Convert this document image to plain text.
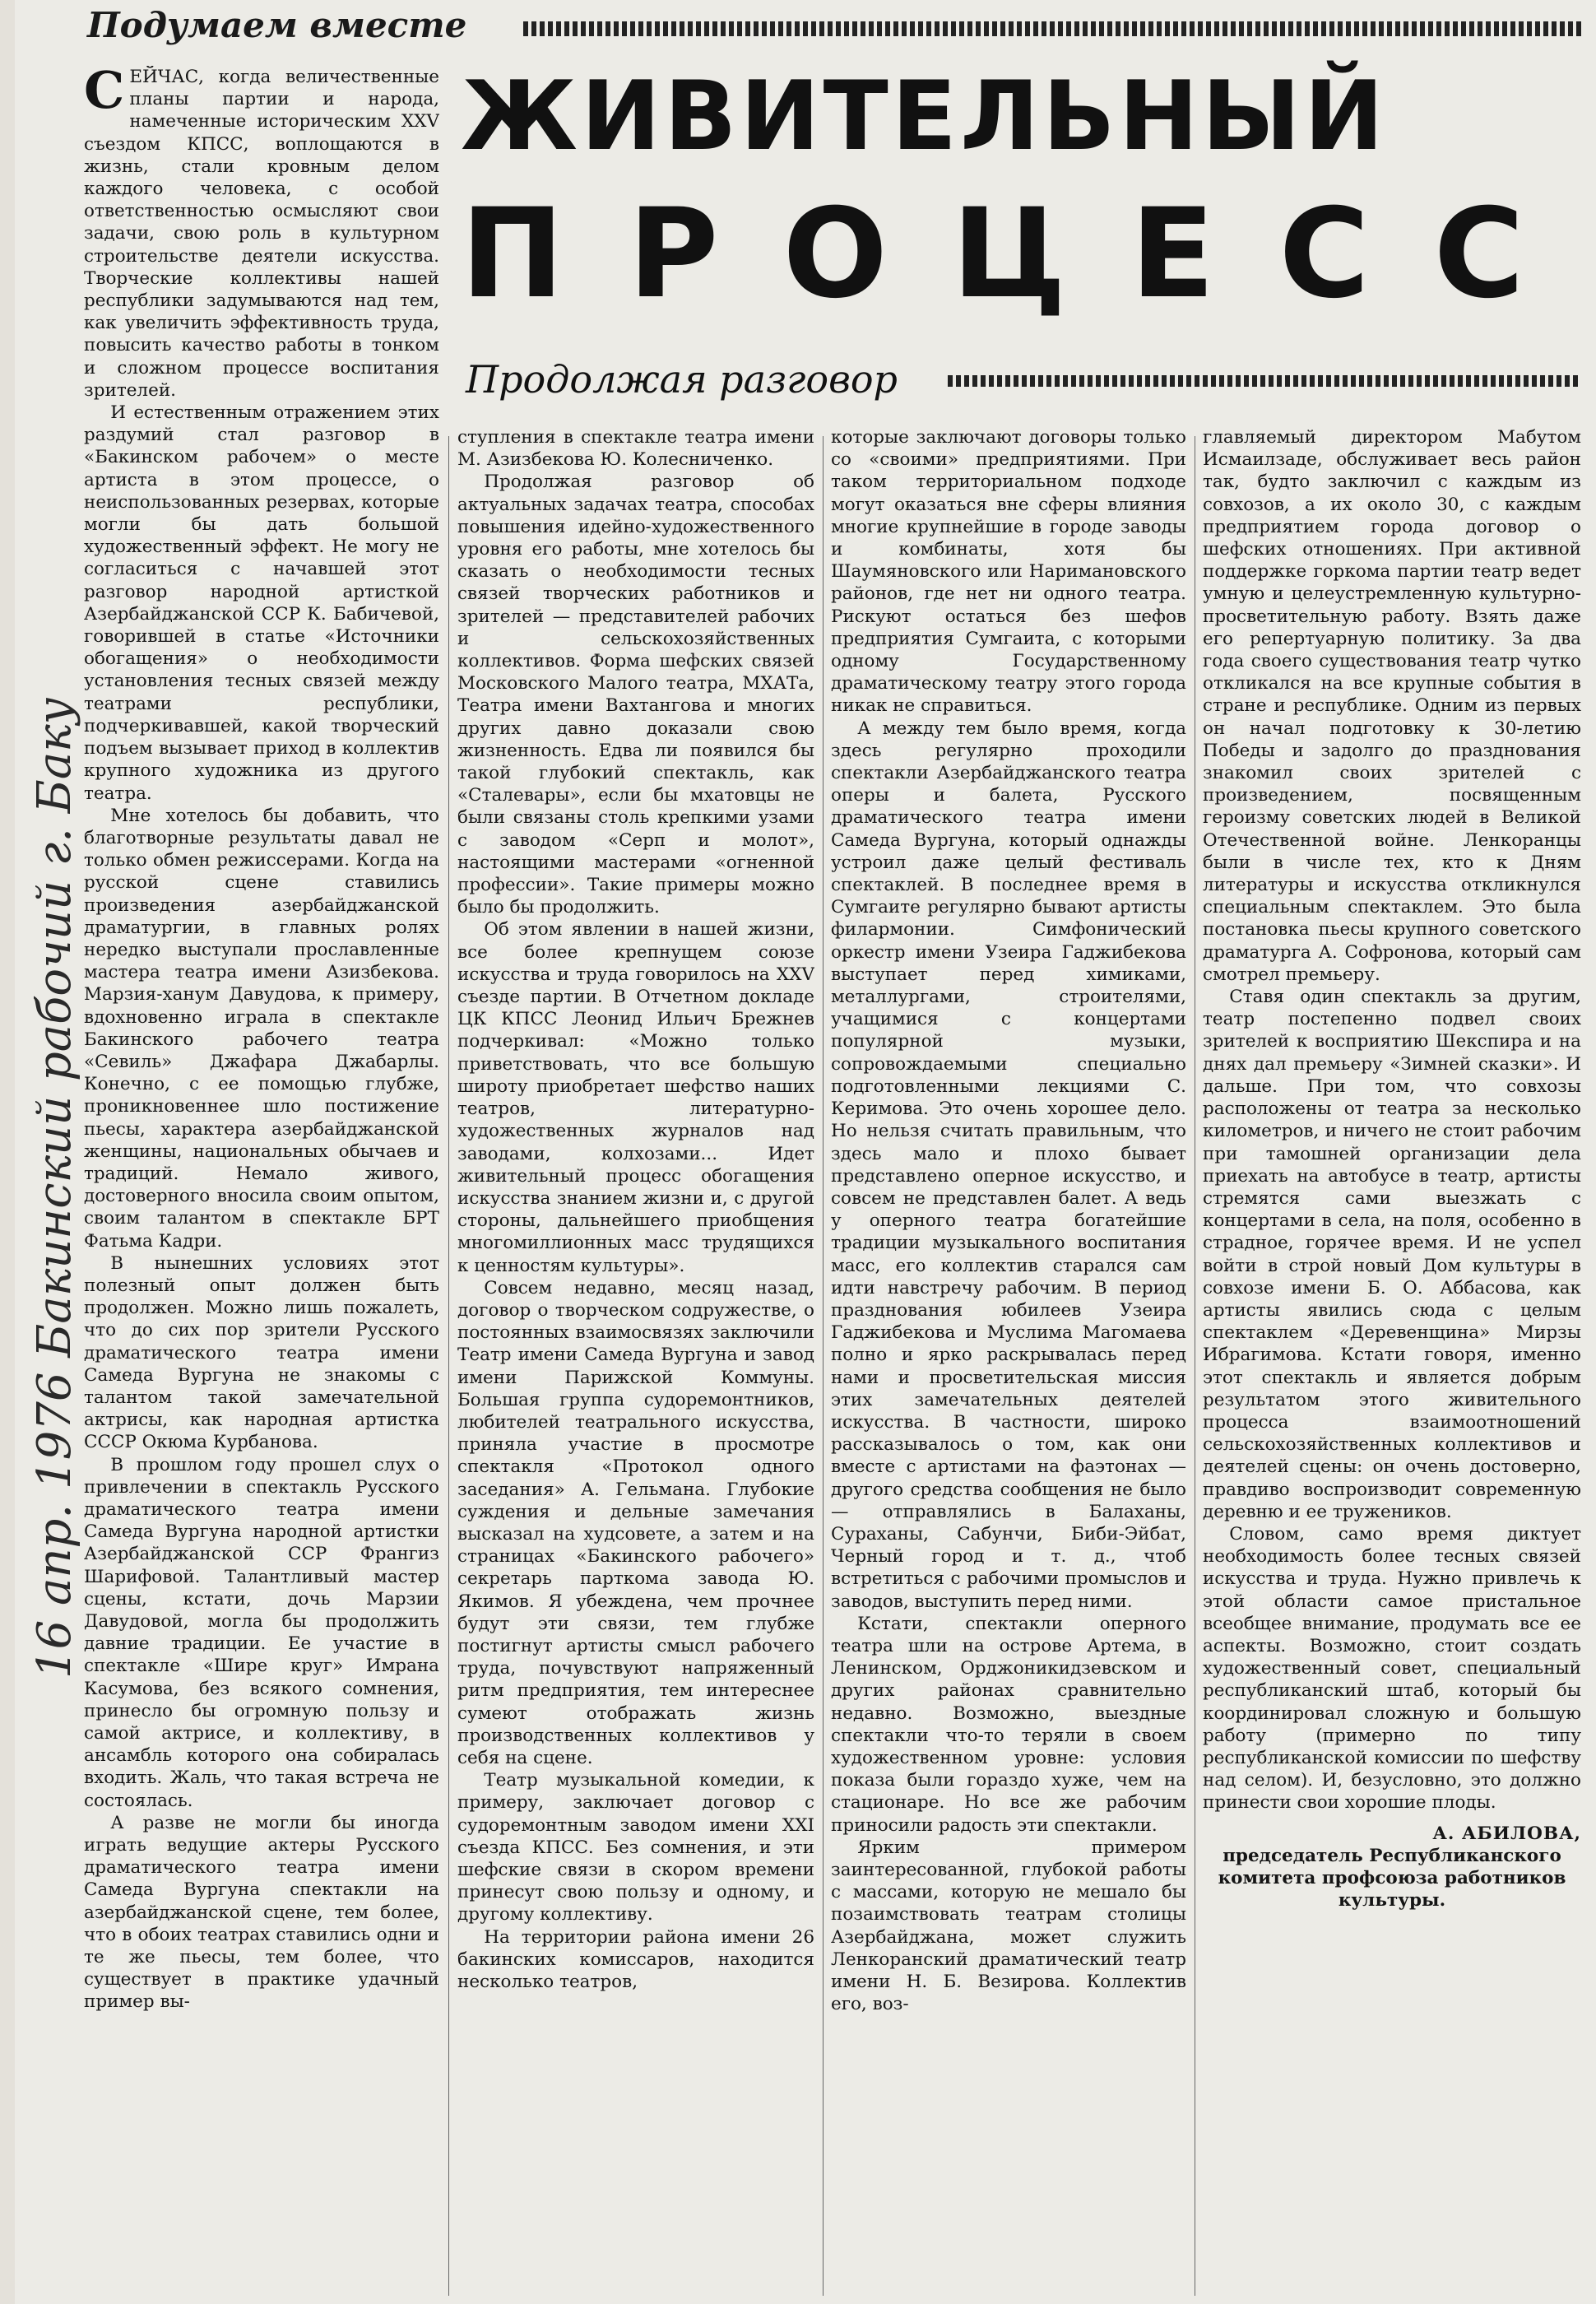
16 апр. 1976 Бакинский рабочий г. Баку
Подумаем вместе
ЖИВИТЕЛЬНЫЙ
ПРОЦЕСС
Продолжая разговор

СЕЙЧАС, когда величественные планы партии и народа, намеченные историческим XXV съездом КПСС, воплощаются в жизнь, стали кровным делом каждого человека, с особой ответственностью осмысляют свои задачи, свою роль в культурном строительстве деятели искусства. Творческие коллективы нашей республики задумываются над тем, как увеличить эффективность труда, повысить качество работы в тонком и сложном процессе воспитания зрителей.

И естественным отражением этих раздумий стал разговор в «Бакинском рабочем» о месте артиста в этом процессе, о неиспользованных резервах, которые могли бы дать большой художественный эффект. Не могу не согласиться с начавшей этот разговор народной артисткой Азербайджанской ССР К. Бабичевой, говорившей в статье «Источники обогащения» о необходимости установления тесных связей между театрами республики, подчеркивавшей, какой творческий подъем вызывает приход в коллектив крупного художника из другого театра.

Мне хотелось бы добавить, что благотворные результаты давал не только обмен режиссерами. Когда на русской сцене ставились произведения азербайджанской драматургии, в главных ролях нередко выступали прославленные мастера театра имени Азизбекова. Марзия-ханум Давудова, к примеру, вдохновенно играла в спектакле Бакинского рабочего театра «Севиль» Джафара Джабарлы. Конечно, с ее помощью глубже, проникновеннее шло постижение пьесы, характера азербайджанской женщины, национальных обычаев и традиций. Немало живого, достоверного вносила своим опытом, своим талантом в спектакле БРТ Фатьма Кадри.

В нынешних условиях этот полезный опыт должен быть продолжен. Можно лишь пожалеть, что до сих пор зрители Русского драматического театра имени Самеда Вургуна не знакомы с талантом такой замечательной актрисы, как народная артистка СССР Окюма Курбанова.

В прошлом году прошел слух о привлечении в спектакль Русского драматического театра имени Самеда Вургуна народной артистки Азербайджанской ССР Франгиз Шарифовой. Талантливый мастер сцены, кстати, дочь Марзии Давудовой, могла бы продолжить давние традиции. Ее участие в спектакле «Шире круг» Имрана Касумова, без всякого сомнения, принесло бы огромную пользу и самой актрисе, и коллективу, в ансамбль которого она собиралась входить. Жаль, что такая встреча не состоялась.

А разве не могли бы иногда играть ведущие актеры Русского драматического театра имени Самеда Вургуна спектакли на азербайджанской сцене, тем более, что в обоих театрах ставились одни и те же пьесы, тем более, что существует в практике удачный пример вы-

ступления в спектакле театра имени М. Азизбекова Ю. Колесниченко.

Продолжая разговор об актуальных задачах театра, способах повышения идейно-художественного уровня его работы, мне хотелось бы сказать о необходимости тесных связей творческих работников и зрителей — представителей рабочих и сельскохозяйственных коллективов. Форма шефских связей Московского Малого театра, МХАТа, Театра имени Вахтангова и многих других давно доказали свою жизненность. Едва ли появился бы такой глубокий спектакль, как «Сталевары», если бы мхатовцы не были связаны столь крепкими узами с заводом «Серп и молот», настоящими мастерами «огненной профессии». Такие примеры можно было бы продолжить.

Об этом явлении в нашей жизни, все более крепнущем союзе искусства и труда говорилось на XXV съезде партии. В Отчетном докладе ЦК КПСС Леонид Ильич Брежнев подчеркивал: «Можно только приветствовать, что все большую широту приобретает шефство наших театров, литературно-художественных журналов над заводами, колхозами... Идет живительный процесс обогащения искусства знанием жизни и, с другой стороны, дальнейшего приобщения многомиллионных масс трудящихся к ценностям культуры».

Совсем недавно, месяц назад, договор о творческом содружестве, о постоянных взаимосвязях заключили Театр имени Самеда Вургуна и завод имени Парижской Коммуны. Большая группа судоремонтников, любителей театрального искусства, приняла участие в просмотре спектакля «Протокол одного заседания» А. Гельмана. Глубокие суждения и дельные замечания высказал на худсовете, а затем и на страницах «Бакинского рабочего» секретарь парткома завода Ю. Якимов. Я убеждена, чем прочнее будут эти связи, тем глубже постигнут артисты смысл рабочего труда, почувствуют напряженный ритм предприятия, тем интереснее сумеют отображать жизнь производственных коллективов у себя на сцене.

Театр музыкальной комедии, к примеру, заключает договор с судоремонтным заводом имени XXI съезда КПСС. Без сомнения, и эти шефские связи в скором времени принесут свою пользу и одному, и другому коллективу.

На территории района имени 26 бакинских комиссаров, находится несколько театров,

которые заключают договоры только со «своими» предприятиями. При таком территориальном подходе могут оказаться вне сферы влияния многие крупнейшие в городе заводы и комбинаты, хотя бы Шаумяновского или Наримановского районов, где нет ни одного театра. Рискуют остаться без шефов предприятия Сумгаита, с которыми одному Государственному драматическому театру этого города никак не справиться.

А между тем было время, когда здесь регулярно проходили спектакли Азербайджанского театра оперы и балета, Русского драматического театра имени Самеда Вургуна, который однажды устроил даже целый фестиваль спектаклей. В последнее время в Сумгаите регулярно бывают артисты филармонии. Симфонический оркестр имени Узеира Гаджибекова выступает перед химиками, металлургами, строителями, учащимися с концертами популярной музыки, сопровождаемыми специально подготовленными лекциями С. Керимова. Это очень хорошее дело. Но нельзя считать правильным, что здесь мало и плохо бывает представлено оперное искусство, и совсем не представлен балет. А ведь у оперного театра богатейшие традиции музыкального воспитания масс, его коллектив старался сам идти навстречу рабочим. В период празднования юбилеев Узеира Гаджибекова и Муслима Магомаева полно и ярко раскрывалась перед нами и просветительская миссия этих замечательных деятелей искусства. В частности, широко рассказывалось о том, как они вместе с артистами на фаэтонах — другого средства сообщения не было — отправлялись в Балаханы, Сураханы, Сабунчи, Биби-Эйбат, Черный город и т. д., чтоб встретиться с рабочими промыслов и заводов, выступить перед ними.

Кстати, спектакли оперного театра шли на острове Артема, в Ленинском, Орджоникидзевском и других районах сравнительно недавно. Возможно, выездные спектакли что-то теряли в своем художественном уровне: условия показа были гораздо хуже, чем на стационаре. Но все же рабочим приносили радость эти спектакли.

Ярким примером заинтересованной, глубокой работы с массами, которую не мешало бы позаимствовать театрам столицы Азербайджана, может служить Ленкоранский драматический театр имени Н. Б. Везирова. Коллектив его, воз-

главляемый директором Мабутом Исмаилзаде, обслуживает весь район так, будто заключил с каждым из совхозов, а их около 30, с каждым предприятием города договор о шефских отношениях. При активной поддержке горкома партии театр ведет умную и целеустремленную культурно-просветительную работу. Взять даже его репертуарную политику. За два года своего существования театр чутко откликался на все крупные события в стране и республике. Одним из первых он начал подготовку к 30-летию Победы и задолго до празднования знакомил своих зрителей с произведением, посвященным героизму советских людей в Великой Отечественной войне. Ленкоранцы были в числе тех, кто к Дням литературы и искусства откликнулся специальным спектаклем. Это была постановка пьесы крупного советского драматурга А. Софронова, который сам смотрел премьеру.

Ставя один спектакль за другим, театр постепенно подвел своих зрителей к восприятию Шекспира и на днях дал премьеру «Зимней сказки». И дальше. При том, что совхозы расположены от театра за несколько километров, и ничего не стоит рабочим при тамошней организации дела приехать на автобусе в театр, артисты стремятся сами выезжать с концертами в села, на поля, особенно в страдное, горячее время. И не успел войти в строй новый Дом культуры в совхозе имени Б. О. Аббасова, как артисты явились сюда с целым спектаклем «Деревенщина» Мирзы Ибрагимова. Кстати говоря, именно этот спектакль и является добрым результатом этого живительного процесса взаимоотношений сельскохозяйственных коллективов и деятелей сцены: он очень достоверно, правдиво воспроизводит современную деревню и ее тружеников.

Словом, само время диктует необходимость более тесных связей искусства и труда. Нужно привлечь к этой области самое пристальное всеобщее внимание, продумать все ее аспекты. Возможно, стоит создать художественный совет, специальный республиканский штаб, который бы координировал сложную и большую работу (примерно по типу республиканской комиссии по шефству над селом). И, безусловно, это должно принести свои хорошие плоды.

А. АБИЛОВА,

председатель Республиканского комитета профсоюза работников культуры.
